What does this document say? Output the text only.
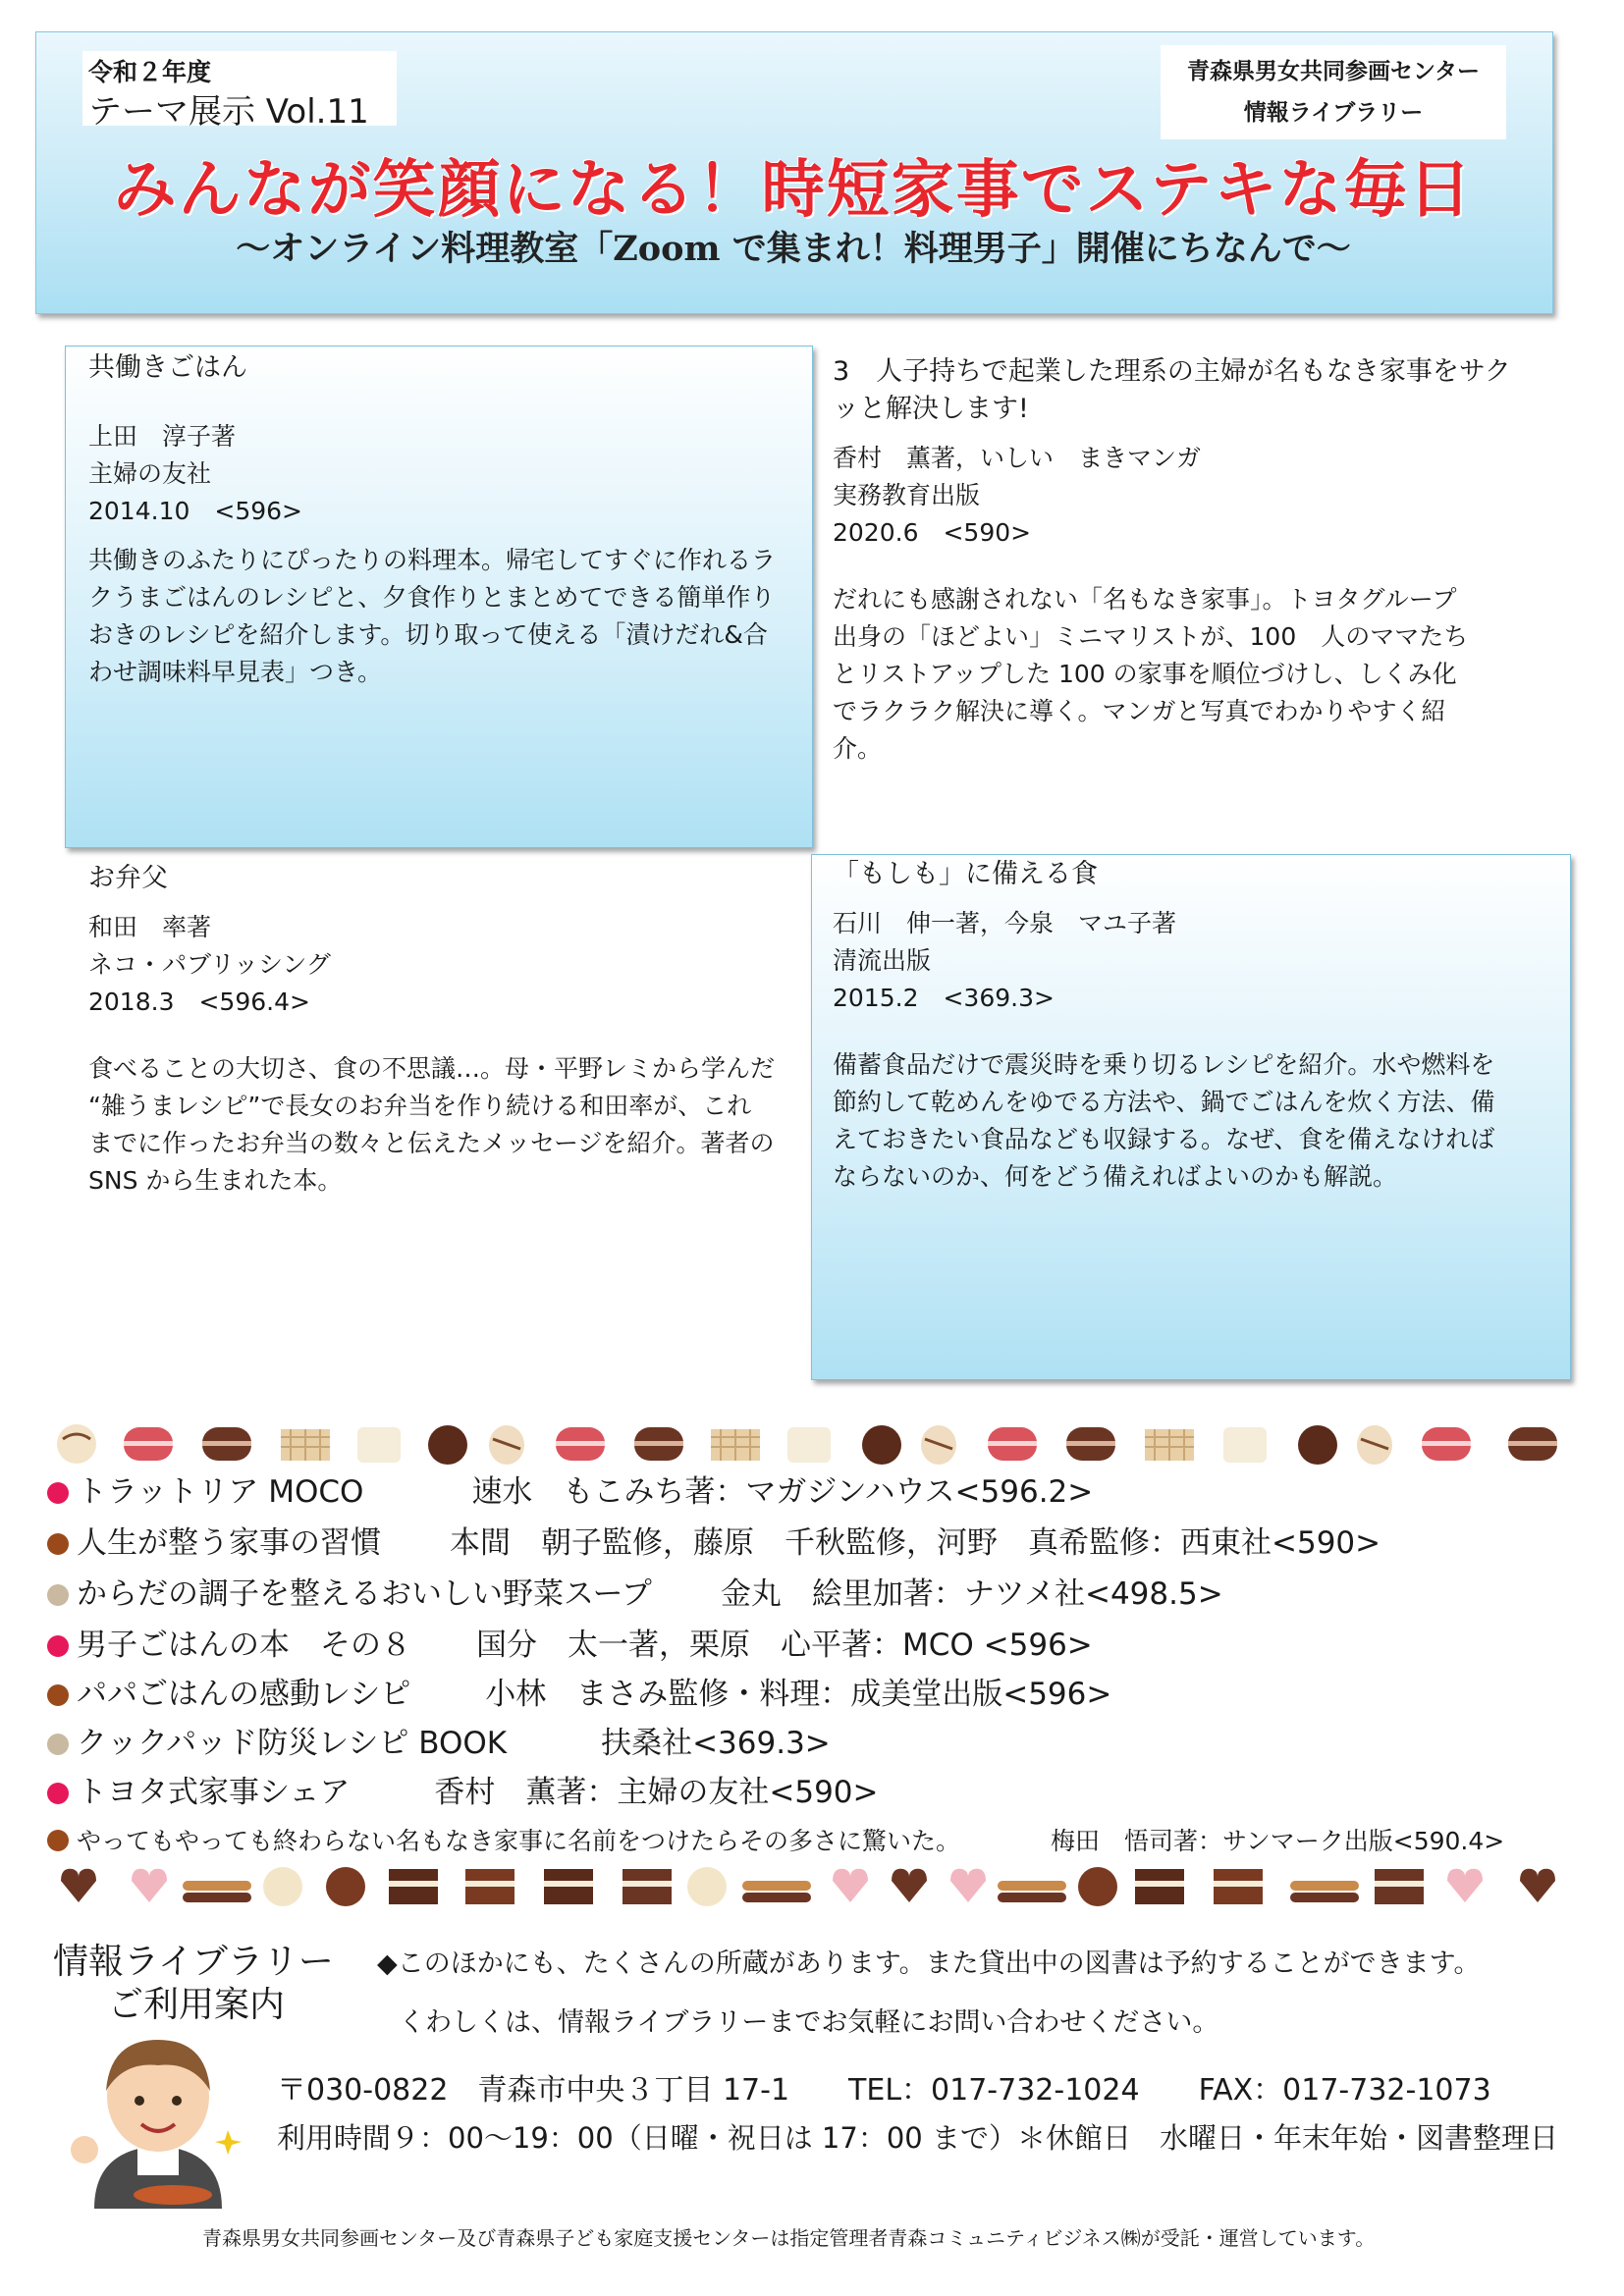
令和２年度
テーマ展示 Vol.11
青森県男女共同参画センター
情報ライブラリー
みんなが笑顔になる！時短家事でステキな毎日
～オンライン料理教室「Zoom で集まれ！料理男子」開催にちなんで～
共働きごはん
上田　淳子著
主婦の友社
2014.10　<596>
共働きのふたりにぴったりの料理本。帰宅してすぐに作れるラ
クうまごはんのレシピと、夕食作りとまとめてできる簡単作り
おきのレシピを紹介します。切り取って使える「漬けだれ&合
わせ調味料早見表」つき。
3　人子持ちで起業した理系の主婦が名もなき家事をサク
ッと解決します!
香村　薫著，いしい　まきマンガ
実務教育出版
2020.6　<590>
だれにも感謝されない「名もなき家事」。トヨタグループ
出身の「ほどよい」ミニマリストが、100　人のママたち
とリストアップした 100 の家事を順位づけし、しくみ化
でラクラク解決に導く。マンガと写真でわかりやすく紹
介。
お弁父
和田　率著
ネコ・パブリッシング
2018.3　<596.4>
食べることの大切さ、食の不思議…。母・平野レミから学んだ
“雑うまレシピ”で長女のお弁当を作り続ける和田率が、これ
までに作ったお弁当の数々と伝えたメッセージを紹介。著者の
SNS から生まれた本。
「もしも」に備える食
石川　伸一著，今泉　マユ子著
清流出版
2015.2　<369.3>
備蓄食品だけで震災時を乗り切るレシピを紹介。水や燃料を
節約して乾めんをゆでる方法や、鍋でごはんを炊く方法、備
えておきたい食品なども収録する。なぜ、食を備えなければ
ならないのか、何をどう備えればよいのかも解説。
トラットリア MOCO	速水　もこみち著：マガジンハウス<596.2>
人生が整う家事の習慣 本間　朝子監修，藤原　千秋監修，河野　真希監修：西東社<590>
からだの調子を整えるおいしい野菜スープ 金丸　絵里加著：ナツメ社<498.5>
男子ごはんの本　その８ 国分　太一著，栗原　心平著：MCO <596>
パパごはんの感動レシピ 小林　まさみ監修・料理：成美堂出版<596>
クックパッド防災レシピ BOOK	扶桑社<369.3>
トヨタ式家事シェア	香村　薫著：主婦の友社<590>
やってもやっても終わらない名もなき家事に名前をつけたらその多さに驚いた。	梅田　悟司著：サンマーク出版<590.4>
情報ライブラリー
ご利用案内
◆このほかにも、たくさんの所蔵があります。また貸出中の図書は予約することができます。
くわしくは、情報ライブラリーまでお気軽にお問い合わせください。
〒030-0822　青森市中央３丁目 17-1　　TEL：017-732-1024　　FAX：017-732-1073
利用時間９：00～19：00（日曜・祝日は 17：00 まで）＊休館日　水曜日・年末年始・図書整理日
青森県男女共同参画センター及び青森県子ども家庭支援センターは指定管理者青森コミュニティビジネス㈱が受託・運営しています。
